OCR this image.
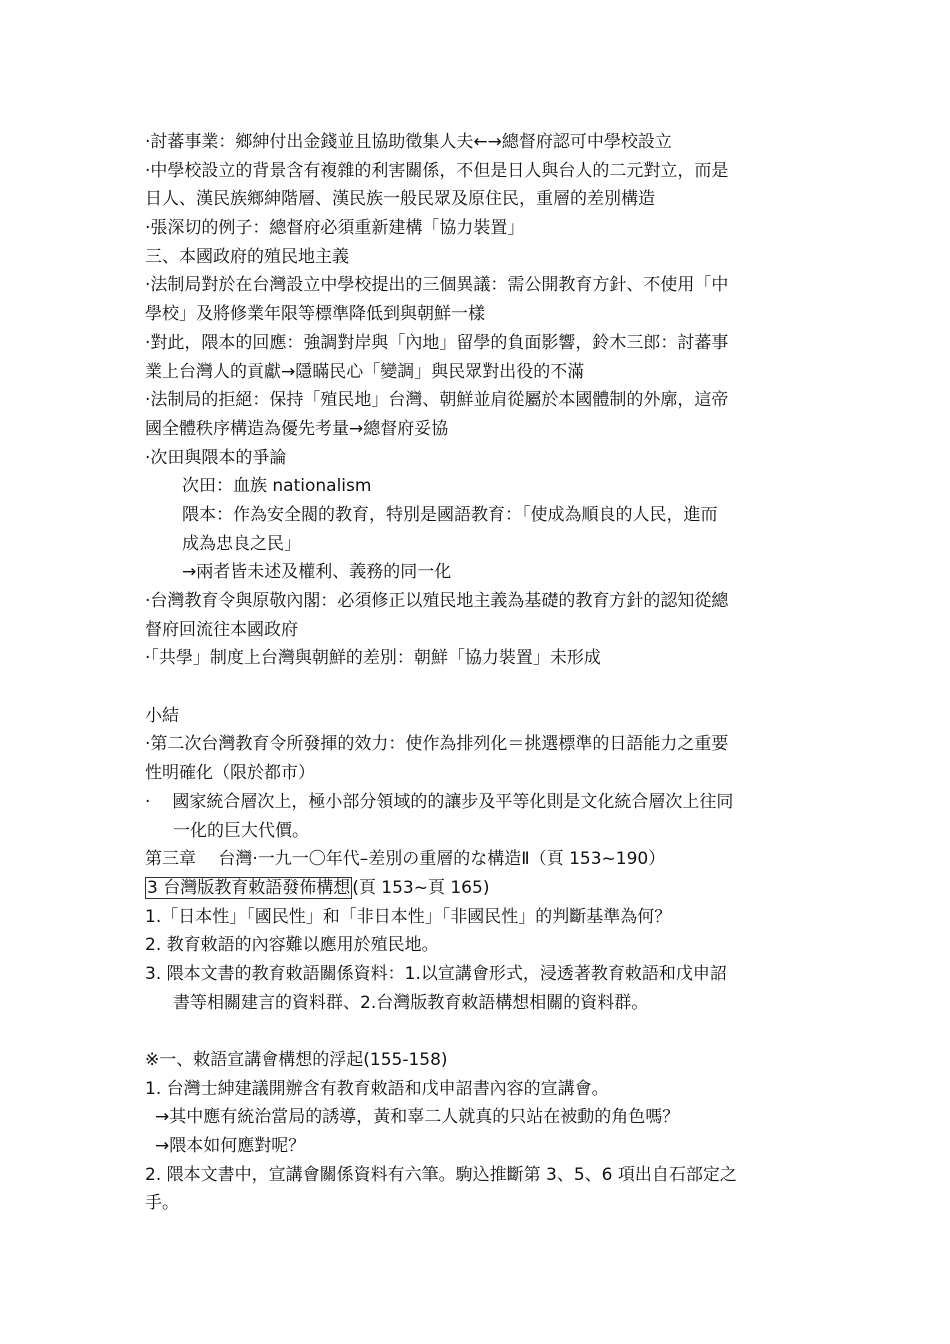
·討蕃事業：鄉紳付出金錢並且協助徵集人夫←→總督府認可中學校設立
·中學校設立的背景含有複雜的利害關係，不但是日人與台人的二元對立，而是
日人、漢民族鄉紳階層、漢民族一般民眾及原住民，重層的差別構造
·張深切的例子：總督府必須重新建構「協力裝置」
三、本國政府的殖民地主義
·法制局對於在台灣設立中學校提出的三個異議：需公開教育方針、不使用「中
學校」及將修業年限等標準降低到與朝鮮一樣
·對此，隈本的回應：強調對岸與「內地」留學的負面影響，鈴木三郎：討蕃事
業上台灣人的貢獻→隱瞞民心「變調」與民眾對出役的不滿
·法制局的拒絕：保持「殖民地」台灣、朝鮮並肩從屬於本國體制的外廓，這帝
國全體秩序構造為優先考量→總督府妥協
·次田與隈本的爭論
次田：血族 nationalism
隈本：作為安全閥的教育，特別是國語教育：「使成為順良的人民，進而
成為忠良之民」
→兩者皆未述及權利、義務的同一化
·台灣教育令與原敬內閣：必須修正以殖民地主義為基礎的教育方針的認知從總
督府回流往本國政府
·「共學」制度上台灣與朝鮮的差別：朝鮮「協力裝置」未形成
小結
·第二次台灣教育令所發揮的效力：使作為排列化＝挑選標準的日語能力之重要
性明確化（限於都市）
· 國家統合層次上，極小部分領域的的讓步及平等化則是文化統合層次上往同
一化的巨大代價。
第三章　 台灣·一九一〇年代–差別の重層的な構造Ⅱ（頁 153~190）
3 台灣版教育敕語發佈構想 (頁 153~頁 165)
1.「日本性」「國民性」和「非日本性」「非國民性」的判斷基準為何？
2. 教育敕語的內容難以應用於殖民地。
3. 隈本文書的教育敕語關係資料：1.以宣講會形式，浸透著教育敕語和戊申詔
書等相關建言的資料群、2.台灣版教育敕語構想相關的資料群。
※一、敕語宣講會構想的浮起(155-158)
1. 台灣士紳建議開辦含有教育敕語和戊申詔書內容的宣講會。
→其中應有統治當局的誘導，黃和辜二人就真的只站在被動的角色嗎？
→隈本如何應對呢？
2. 隈本文書中，宣講會關係資料有六筆。駒込推斷第 3、5、6 項出自石部定之
手。
